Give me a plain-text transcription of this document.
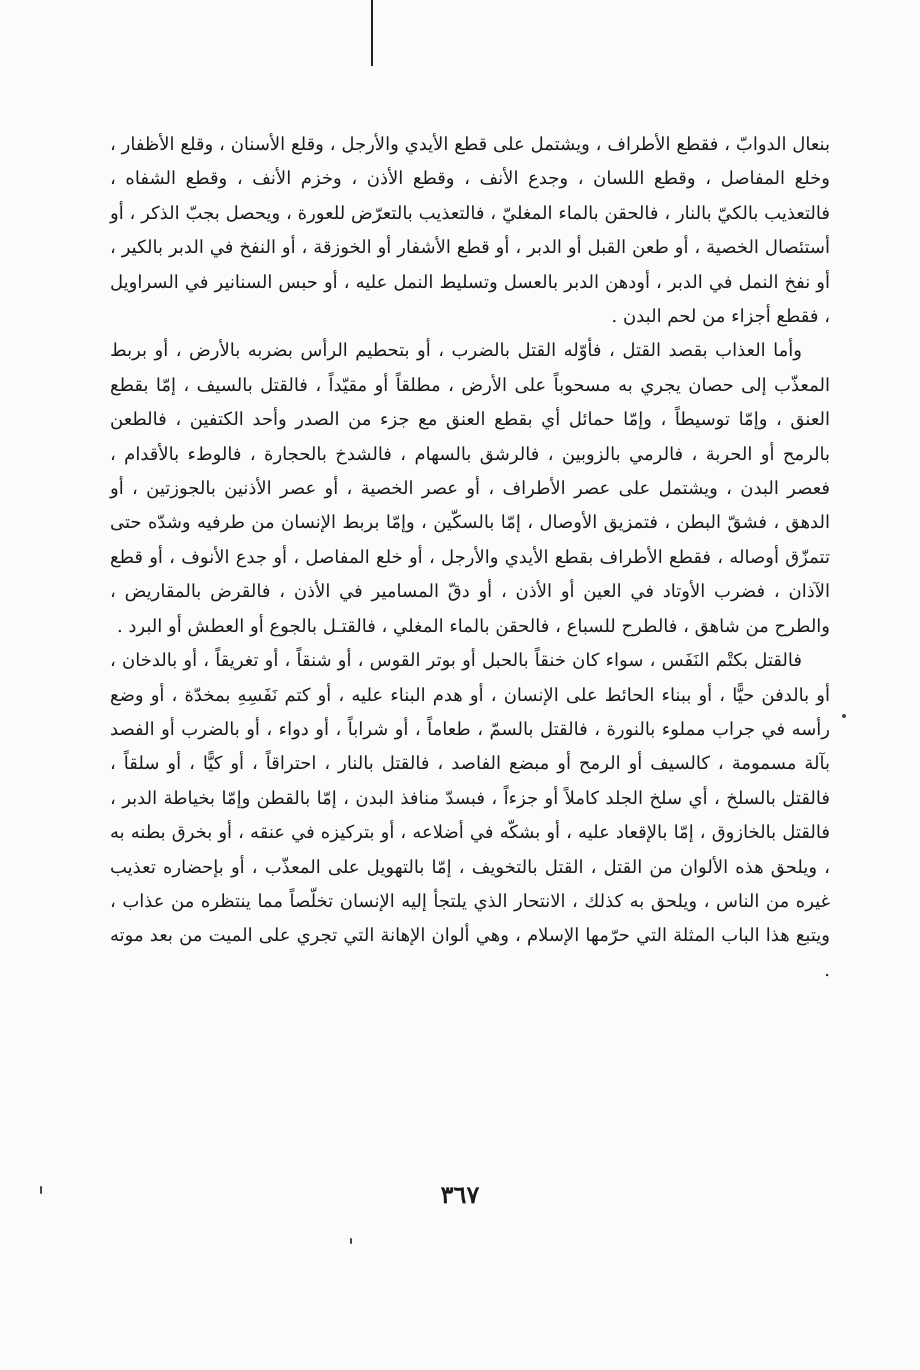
بنعال الدوابّ ، فقطع الأطراف ، ويشتمل على قطع الأيدي والأرجل ، وقلع الأسنان ، وقلع الأظفار ، وخلع المفاصل ، وقطع اللسان ، وجدع الأنف ، وقطع الأذن ، وخزم الأنف ، وقطع الشفاه ، فالتعذيب بالكيّ بالنار ، فالحقن بالماء المغليّ ، فالتعذيب بالتعرّض للعورة ، ويحصل بجبّ الذكر ، أو أستئصال الخصية ، أو طعن القبل أو الدبر ، أو قطع الأشفار أو الخوزقة ، أو النفخ في الدبر بالكير ، أو نفخ النمل في الدبر ، أودهن الدبر بالعسل وتسليط النمل عليه ، أو حبس السنانير في السراويل ، فقطع أجزاء من لحم البدن .

وأما العذاب بقصد القتل ، فأوّله القتل بالضرب ، أو بتحطيم الرأس بضربه بالأرض ، أو بربط المعذّب إلى حصان يجري به مسحوباً على الأرض ، مطلقاً أو مقيّداً ، فالقتل بالسيف ، إمّا بقطع العنق ، وإمّا توسيطاً ، وإمّا حمائل أي بقطع العنق مع جزء من الصدر وأحد الكتفين ، فالطعن بالرمح أو الحربة ، فالرمي بالزوبين ، فالرشق بالسهام ، فالشدخ بالحجارة ، فالوطء بالأقدام ، فعصر البدن ، ويشتمل على عصر الأطراف ، أو عصر الخصية ، أو عصر الأذنين بالجوزتين ، أو الدهق ، فشقّ البطن ، فتمزيق الأوصال ، إمّا بالسكّين ، وإمّا بربط الإنسان من طرفيه وشدّه حتى تتمزّق أوصاله ، فقطع الأطراف بقطع الأيدي والأرجل ، أو خلع المفاصل ، أو جدع الأنوف ، أو قطع الآذان ، فضرب الأوتاد في العين أو الأذن ، أو دقّ المسامير في الأذن ، فالقرض بالمقاريض ، والطرح من شاهق ، فالطرح للسباع ، فالحقن بالماء المغلي ، فالقتـل بالجوع أو العطش أو البرد .

فالقتل بكتْم النَفَس ، سواء كان خنقاً بالحبل أو بوتر القوس ، أو شنقاً ، أو تغريقاً ، أو بالدخان ، أو بالدفن حيًّا ، أو ببناء الحائط على الإنسان ، أو هدم البناء عليه ، أو كتم نَفَسِهِ بمخدّة ، أو وضع رأسه في جراب مملوء بالنورة ، فالقتل بالسمّ ، طعاماً ، أو شراباً ، أو دواء ، أو بالضرب أو الفصد بآلة مسمومة ، كالسيف أو الرمح أو مبضع الفاصد ، فالقتل بالنار ، احتراقاً ، أو كيًّا ، أو سلقاً ، فالقتل بالسلخ ، أي سلخ الجلد كاملاً أو جزءاً ، فبسدّ منافذ البدن ، إمّا بالقطن وإمّا بخياطة الدبر ، فالقتل بالخازوق ، إمّا بالإقعاد عليه ، أو بشكّه في أضلاعه ، أو بتركيزه في عنقه ، أو بخرق بطنه به ، ويلحق هذه الألوان من القتل ، القتل بالتخويف ، إمّا بالتهويل على المعذّب ، أو بإحضاره تعذيب غيره من الناس ، ويلحق به كذلك ، الانتحار الذي يلتجأ إليه الإنسان تخلّصاً مما ينتظره من عذاب ، ويتبع هذا الباب المثلة التي حرّمها الإسلام ، وهي ألوان الإهانة التي تجري على الميت من بعد موته .

٣٦٧
